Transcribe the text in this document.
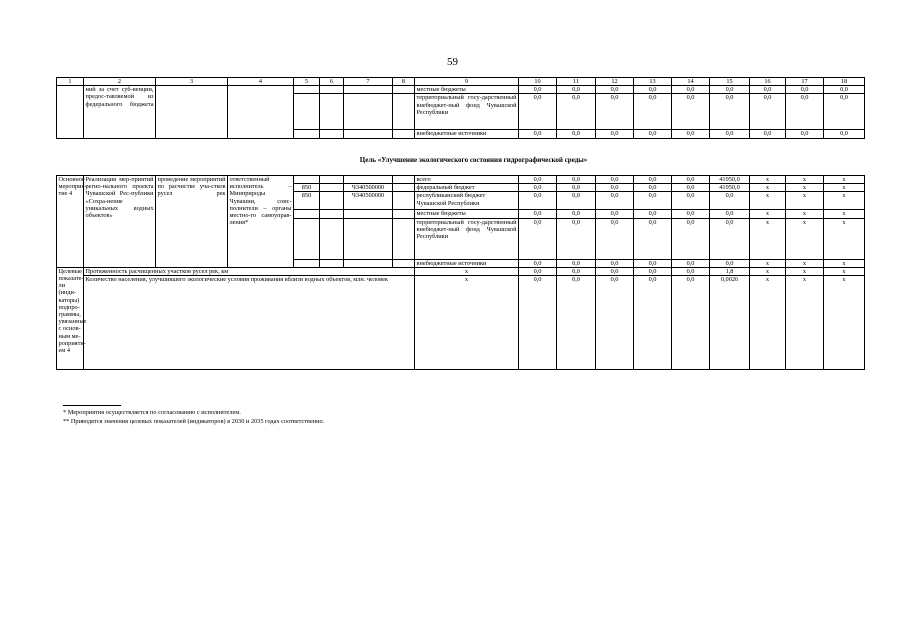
59
1	2	3	4	5	6	7	8	9	10	11	12	13	14	15	16	17	18
	ний за счет суб-венции, предос-тавляемой из федерального бюджета							местные бюджеты	0,0	0,0	0,0	0,0	0,0	0,0	0,0	0,0	0,0
								территориальный госу-дарственный внебюджет-ный фонд Чувашской Республики	0,0	0,0	0,0	0,0	0,0	0,0	0,0	0,0	0,0
								внебюджетные источники	0,0	0,0	0,0	0,0	0,0	0,0	0,0	0,0	0,0
Цель «Улучшение экологического состояния гидрографической среды»
Основное мероприя-тие 4	Реализация мер-приятий регио-нального проекта Чувашской Рес-публики «Сохра-нение уникальных водных объектов»	проведение мероприятий по расчистке уча-стков русел рек	ответственный исполнитель – Минприроды Чувашии, соис-полнители – органы местно-го самоуправ-ления*					всего	0,0	0,0	0,0	0,0	0,0	41950,0	x	x	x
				850		Ч340500000		федеральный бюджет	0,0	0,0	0,0	0,0	0,0	41950,0	x	x	x
				850		Ч340500000		республиканский бюджет Чувашской Республики	0,0	0,0	0,0	0,0	0,0	0,0	x	x	x
								местные бюджеты	0,0	0,0	0,0	0,0	0,0	0,0	x	x	x
								территориальный госу-дарственный внебюджет-ный фонд Чувашской Республики	0,0	0,0	0,0	0,0	0,0	0,0	x	x	x
								внебюджетные источники	0,0	0,0	0,0	0,0	0,0	0,0	x	x	x
Целевые показате-ли (инди-каторы) подпро-граммы, увязанные с основ-ным ме-роприяти-ем 4	Протяженность расчищенных участков русел рек, км							x	0,0	0,0	0,0	0,0	0,0	1,8	x	x	x
	Количество населения, улучшившего экологические условия проживания вблизи водных объектов, млн. человек							x	0,0	0,0	0,0	0,0	0,0	0,0026	x	x	x
* Мероприятия осуществляется по согласованию с исполнителем.
** Приводятся значения целевых показателей (индикаторов) в 2030 и 2035 годах соответственно.
